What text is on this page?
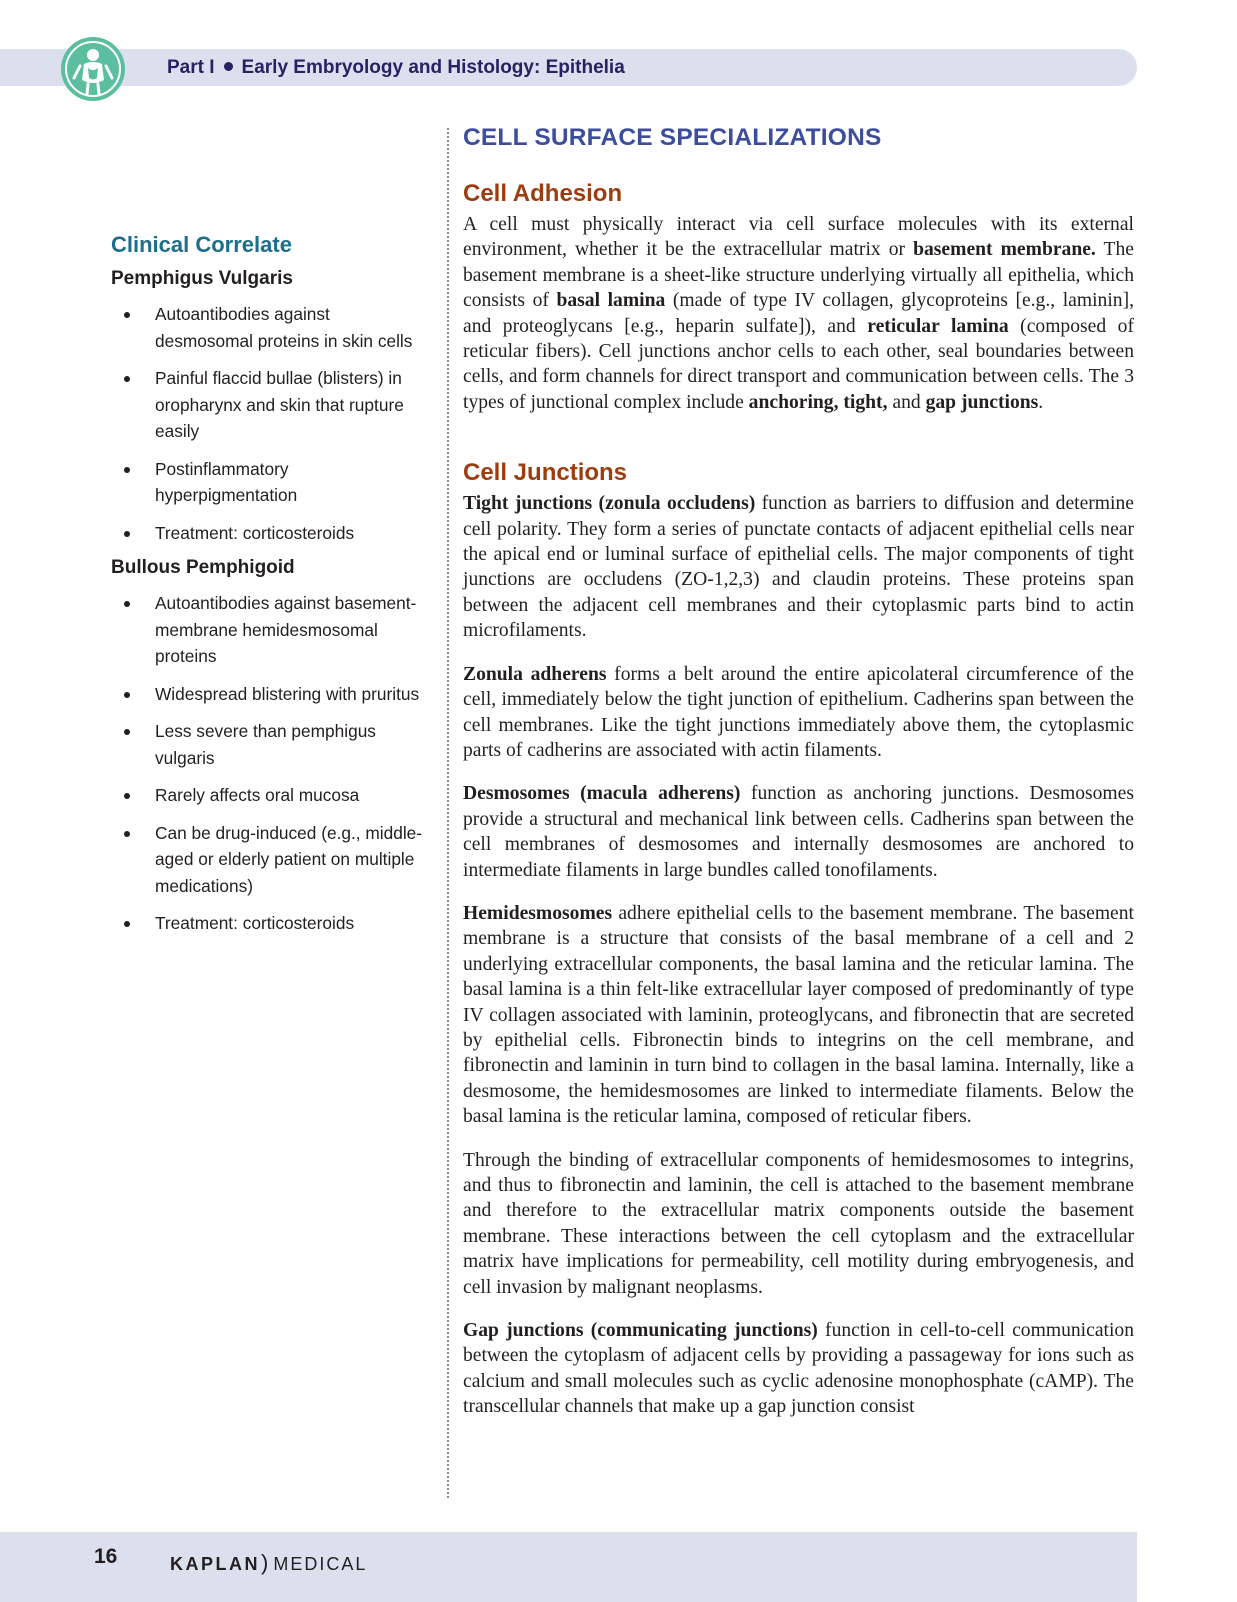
Part I Early Embryology and Histology: Epithelia
Clinical Correlate
Pemphigus Vulgaris
Autoantibodies against desmosomal proteins in skin cells
Painful flaccid bullae (blisters) in oropharynx and skin that rupture easily
Postinflammatory hyperpigmentation
Treatment: corticosteroids
Bullous Pemphigoid
Autoantibodies against basement-membrane hemidesmosomal proteins
Widespread blistering with pruritus
Less severe than pemphigus vulgaris
Rarely affects oral mucosa
Can be drug-induced (e.g., middle-aged or elderly patient on multiple medications)
Treatment: corticosteroids
CELL SURFACE SPECIALIZATIONS
Cell Adhesion

A cell must physically interact via cell surface molecules with its external environment, whether it be the extracellular matrix or basement membrane. The basement membrane is a sheet-like structure underlying virtually all epithelia, which consists of basal lamina (made of type IV collagen, glycoproteins [e.g., laminin], and proteoglycans [e.g., heparin sulfate]), and reticular lamina (composed of reticular fibers). Cell junctions anchor cells to each other, seal boundaries between cells, and form channels for direct transport and communication between cells. The 3 types of junctional complex include anchoring, tight, and gap junctions.

Cell Junctions

Tight junctions (zonula occludens) function as barriers to diffusion and determine cell polarity. They form a series of punctate contacts of adjacent epithelial cells near the apical end or luminal surface of epithelial cells. The major components of tight junctions are occludens (ZO-1,2,3) and claudin proteins. These proteins span between the adjacent cell membranes and their cytoplasmic parts bind to actin microfilaments.

Zonula adherens forms a belt around the entire apicolateral circumference of the cell, immediately below the tight junction of epithelium. Cadherins span between the cell membranes. Like the tight junctions immediately above them, the cytoplasmic parts of cadherins are associated with actin filaments.

Desmosomes (macula adherens) function as anchoring junctions. Desmosomes provide a structural and mechanical link between cells. Cadherins span between the cell membranes of desmosomes and internally desmosomes are anchored to intermediate filaments in large bundles called tonofilaments.

Hemidesmosomes adhere epithelial cells to the basement membrane. The basement membrane is a structure that consists of the basal membrane of a cell and 2 underlying extracellular components, the basal lamina and the reticular lamina. The basal lamina is a thin felt-like extracellular layer composed of predominantly of type IV collagen associated with laminin, proteoglycans, and fibronectin that are secreted by epithelial cells. Fibronectin binds to integrins on the cell membrane, and fibronectin and laminin in turn bind to collagen in the basal lamina. Internally, like a desmosome, the hemidesmosomes are linked to intermediate filaments. Below the basal lamina is the reticular lamina, composed of reticular fibers.

Through the binding of extracellular components of hemidesmosomes to integrins, and thus to fibronectin and laminin, the cell is attached to the basement membrane and therefore to the extracellular matrix components outside the basement membrane. These interactions between the cell cytoplasm and the extracellular matrix have implications for permeability, cell motility during embryogenesis, and cell invasion by malignant neoplasms.

Gap junctions (communicating junctions) function in cell-to-cell communication between the cytoplasm of adjacent cells by providing a passageway for ions such as calcium and small molecules such as cyclic adenosine monophosphate (cAMP). The transcellular channels that make up a gap junction consist

16	KAPLAN) MEDICAL
